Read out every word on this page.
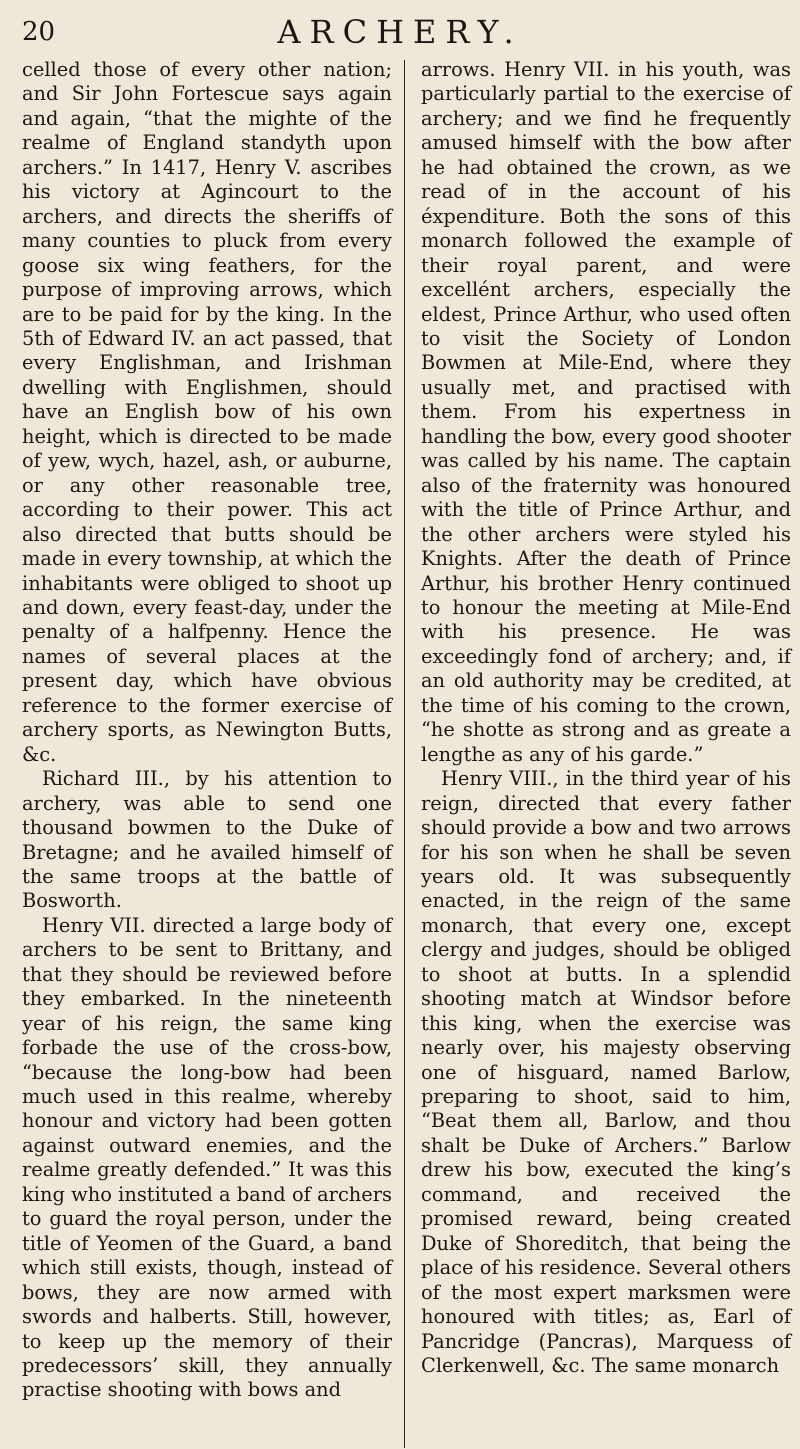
20	ARCHERY.

celled those of every other nation; and Sir John Fortescue says again and again, “that the mighte of the realme of England standyth upon archers.” In 1417, Henry V. ascribes his victory at Agincourt to the archers, and directs the sheriffs of many counties to pluck from every goose six wing feathers, for the purpose of improving arrows, which are to be paid for by the king. In the 5th of Edward IV. an act passed, that every Englishman, and Irishman dwelling with Englishmen, should have an English bow of his own height, which is directed to be made of yew, wych, hazel, ash, or auburne, or any other reasonable tree, according to their power. This act also directed that butts should be made in every township, at which the inhabitants were obliged to shoot up and down, every feast-day, under the penalty of a halfpenny. Hence the names of several places at the present day, which have obvious reference to the former exercise of archery sports, as Newington Butts, &c.

Richard III., by his attention to archery, was able to send one thousand bowmen to the Duke of Bretagne; and he availed himself of the same troops at the battle of Bosworth.

Henry VII. directed a large body of archers to be sent to Brittany, and that they should be reviewed before they embarked. In the nineteenth year of his reign, the same king forbade the use of the cross-bow, “because the long-bow had been much used in this realme, whereby honour and victory had been gotten against outward enemies, and the realme greatly defended.” It was this king who instituted a band of archers to guard the royal person, under the title of Yeomen of the Guard, a band which still exists, though, instead of bows, they are now armed with swords and halberts. Still, however, to keep up the memory of their predecessors’ skill, they annually practise shooting with bows and

arrows. Henry VII. in his youth, was particularly partial to the exercise of archery; and we find he frequently amused himself with the bow after he had obtained the crown, as we read of in the account of his éxpenditure. Both the sons of this monarch followed the example of their royal parent, and were excellént archers, especially the eldest, Prince Arthur, who used often to visit the Society of London Bowmen at Mile-End, where they usually met, and practised with them. From his expertness in handling the bow, every good shooter was called by his name. The captain also of the fraternity was honoured with the title of Prince Arthur, and the other archers were styled his Knights. After the death of Prince Arthur, his brother Henry continued to honour the meeting at Mile-End with his presence. He was exceedingly fond of archery; and, if an old authority may be credited, at the time of his coming to the crown, “he shotte as strong and as greate a lengthe as any of his garde.”

Henry VIII., in the third year of his reign, directed that every father should provide a bow and two arrows for his son when he shall be seven years old. It was subsequently enacted, in the reign of the same monarch, that every one, except clergy and judges, should be obliged to shoot at butts. In a splendid shooting match at Windsor before this king, when the exercise was nearly over, his majesty observing one of hisguard, named Barlow, preparing to shoot, said to him, “Beat them all, Barlow, and thou shalt be Duke of Archers.” Barlow drew his bow, executed the king’s command, and received the promised reward, being created Duke of Shoreditch, that being the place of his residence. Several others of the most expert marksmen were honoured with titles; as, Earl of Pancridge (Pancras), Marquess of Clerkenwell, &c. The same monarch
